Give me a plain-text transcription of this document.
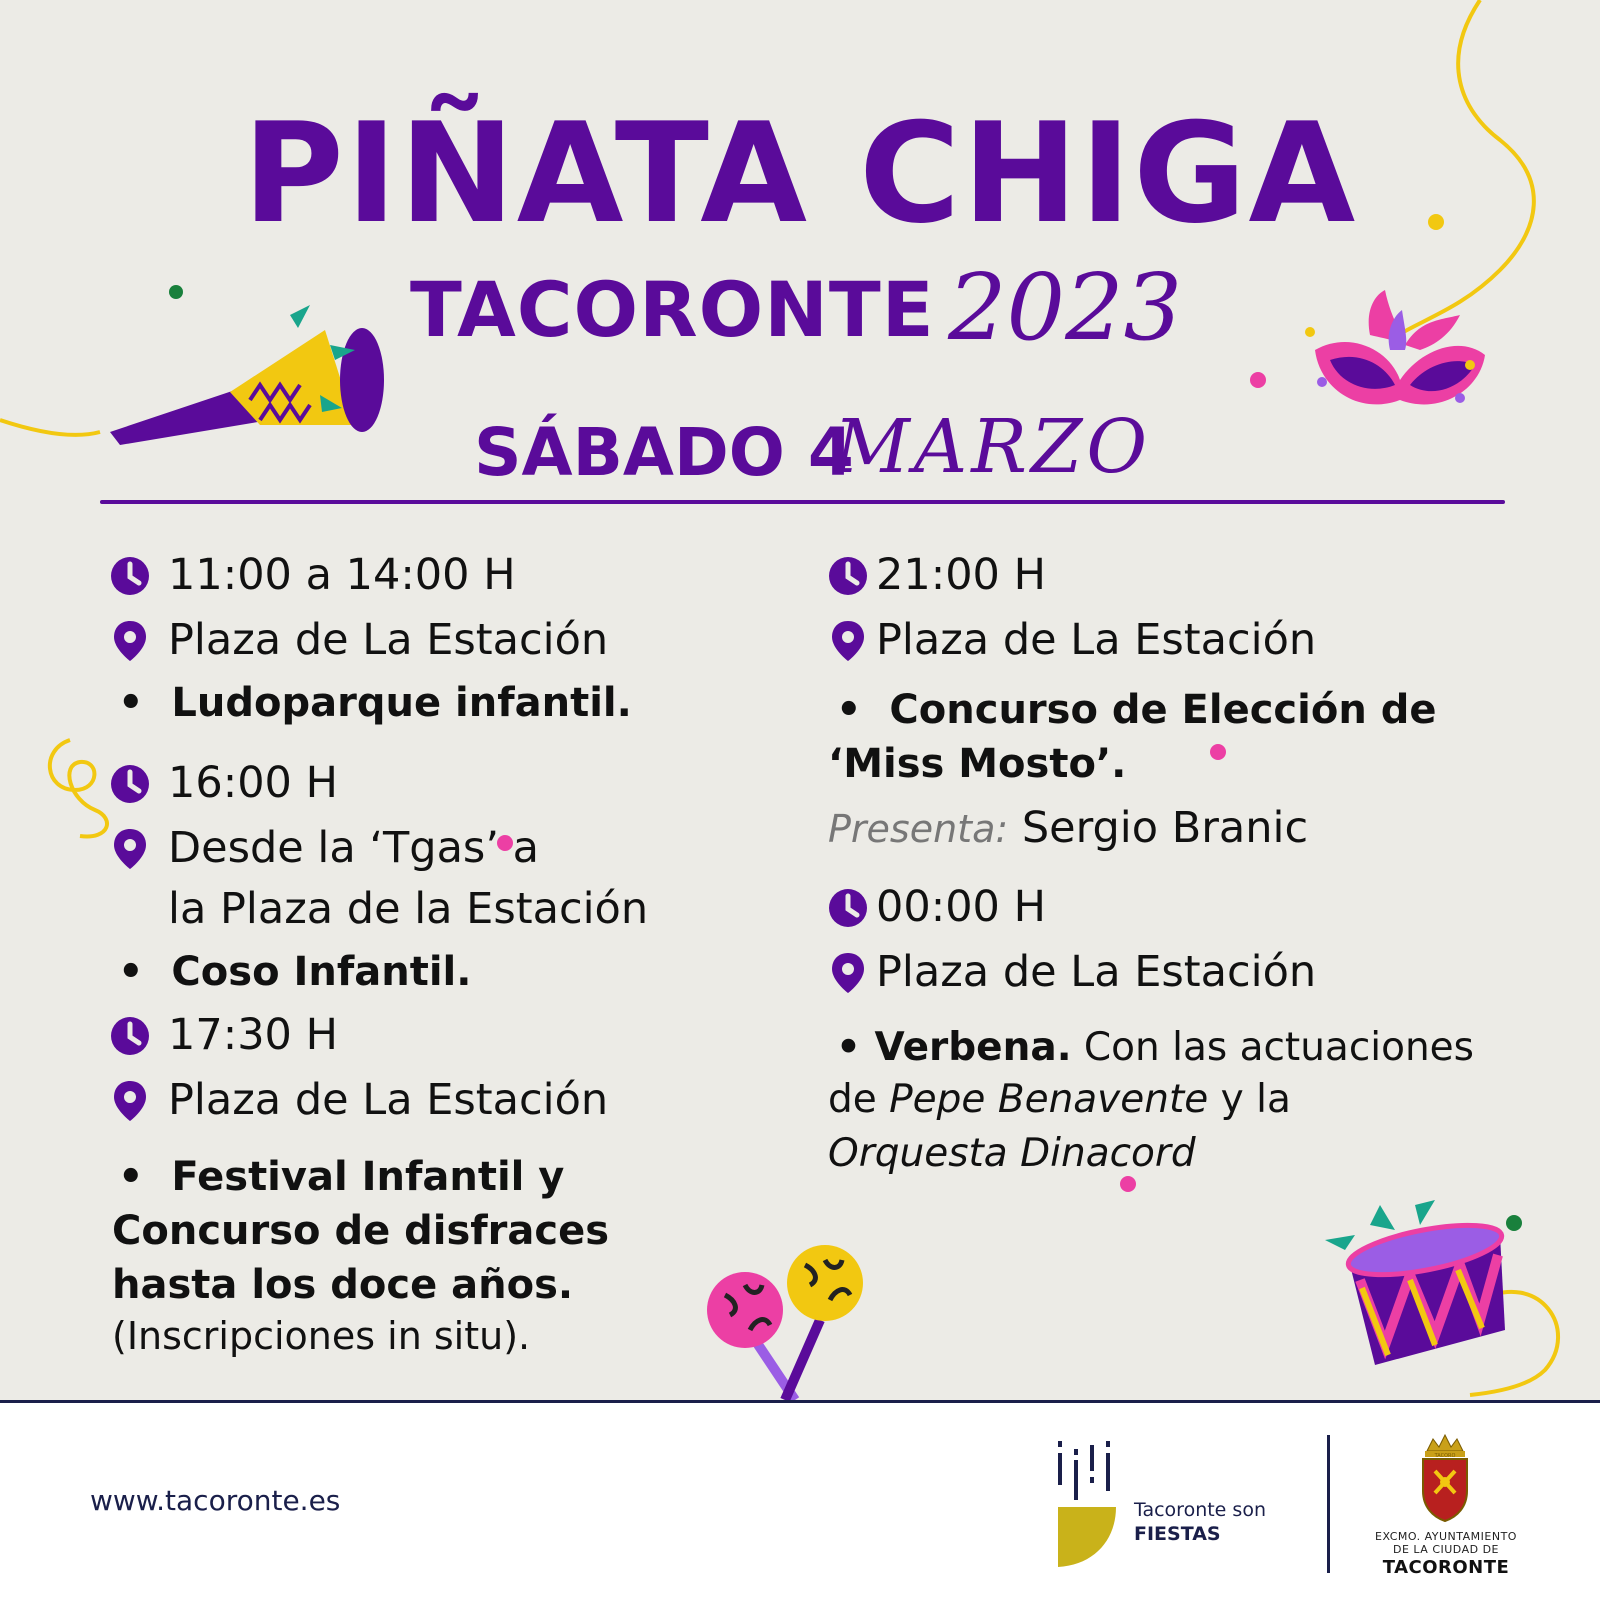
PIÑATA CHIGA
TACORONTE 2023
SÁBADO 4
MARZO
11:00 a 14:00 H
Plaza de La Estación
•  Ludoparque infantil.
16:00 H
Desde la ‘Tgas’ a
la Plaza de la Estación
•  Coso Infantil.
17:30 H
Plaza de La Estación
•  Festival Infantil y
Concurso de disfraces
hasta los doce años.
(Inscripciones in situ).
21:00 H
Plaza de La Estación
•  Concurso de Elección de
‘Miss Mosto’.
Presenta: Sergio Branic
00:00 H
Plaza de La Estación
• Verbena. Con las actuaciones
de Pepe Benavente y la
Orquesta Dinacord
www.tacoronte.es	Tacoronte son
FIESTAS
TACORO
EXCMO. AYUNTAMIENTO
DE LA CIUDAD DE
TACORONTE
